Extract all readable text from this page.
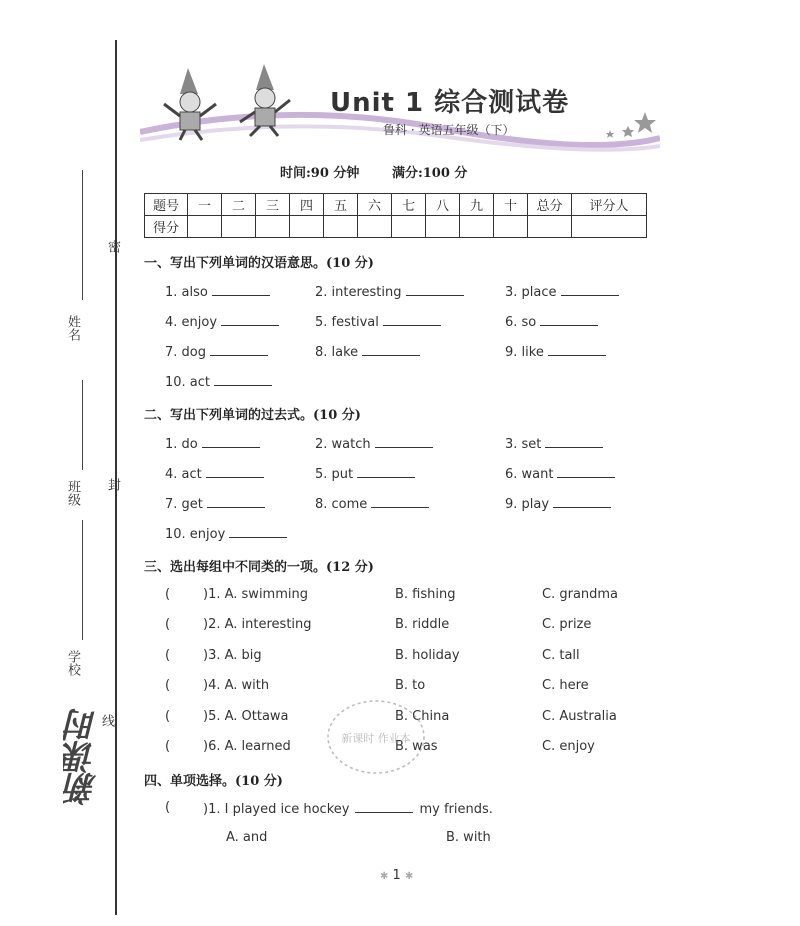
密
封
线
姓名
班级
学校
新课时
Unit 1 综合测试卷
鲁科 · 英语五年级（下）
时间:90 分钟	满分:100 分
题号	一	二	三	四	五	六	七	八	九	十	总分	评分人
得分												
一、写出下列单词的汉语意思。(10 分)
1. also	2. interesting	3. place
4. enjoy	5. festival	6. so
7. dog	8. lake	9. like
10. act
二、写出下列单词的过去式。(10 分)
1. do	2. watch	3. set
4. act	5. put	6. want
7. get	8. come	9. play
10. enjoy
三、选出每组中不同类的一项。(12 分)
(	)1. A. swimming	B. fishing	C. grandma
(	)2. A. interesting	B. riddle	C. prize
(	)3. A. big	B. holiday	C. tall
(	)4. A. with	B. to	C. here
(	)5. A. Ottawa	B. China	C. Australia
(	)6. A. learned	B. was	C. enjoy
新课时 作业本
四、单项选择。(10 分)
(	)1. I played ice hockey	my friends.
A. and	B. with
✱ 1 ✱
